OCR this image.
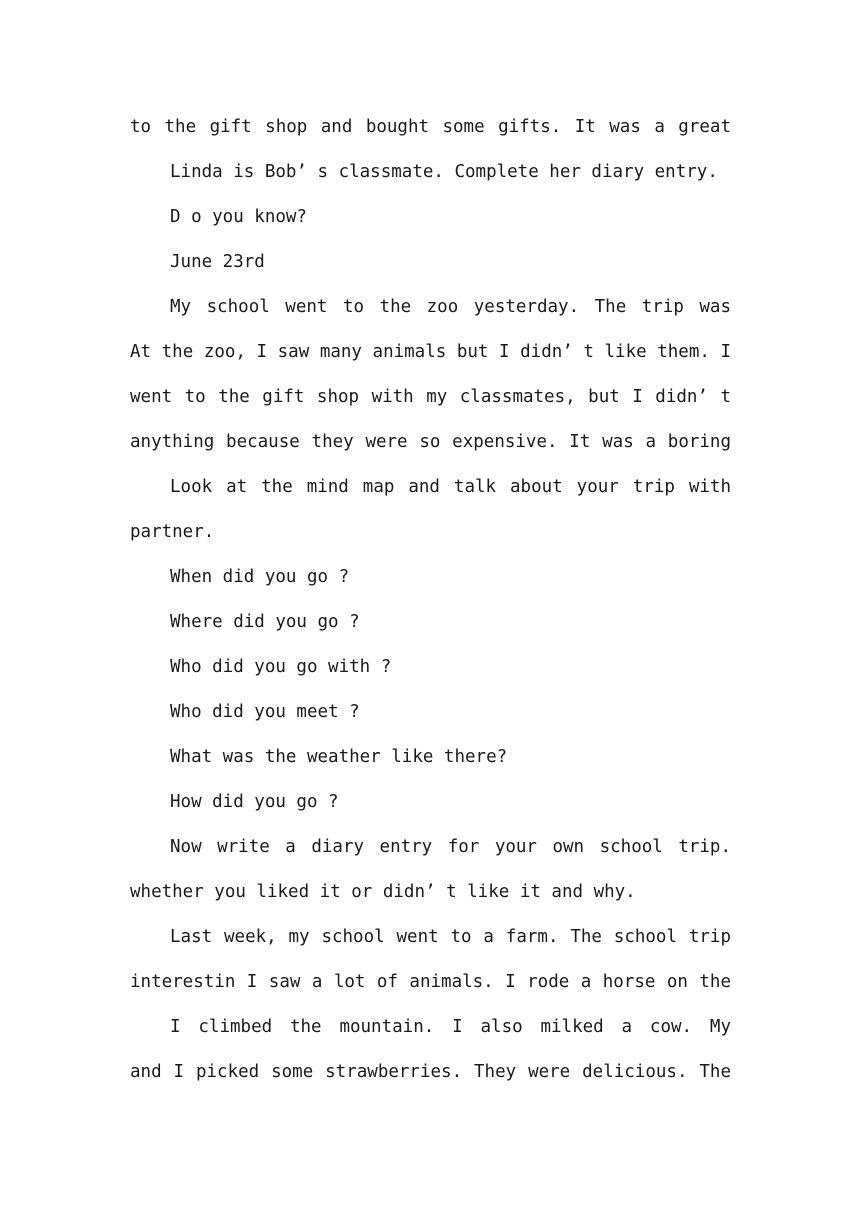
to the gift shop and bought some gifts. It was a great
Linda is Bob’ s classmate. Complete her diary entry.
D o you know?
June 23rd
My school went to the zoo yesterday. The trip was
At the zoo, I saw many animals but I didn’ t like them. I
went to the gift shop with my classmates, but I didn’ t
anything because they were so expensive. It was a boring
Look at the mind map and talk about your trip with
partner.
When did you go ?
Where did you go ?
Who did you go with ?
Who did you meet ?
What was the weather like there?
How did you go ?
Now write a diary entry for your own school trip.
whether you liked it or didn’ t like it and why.
Last week, my school went to a farm. The school trip
interestin I saw a lot of animals. I rode a horse on the
I climbed the mountain. I also milked a cow. My
and I picked some strawberries. They were delicious. The
